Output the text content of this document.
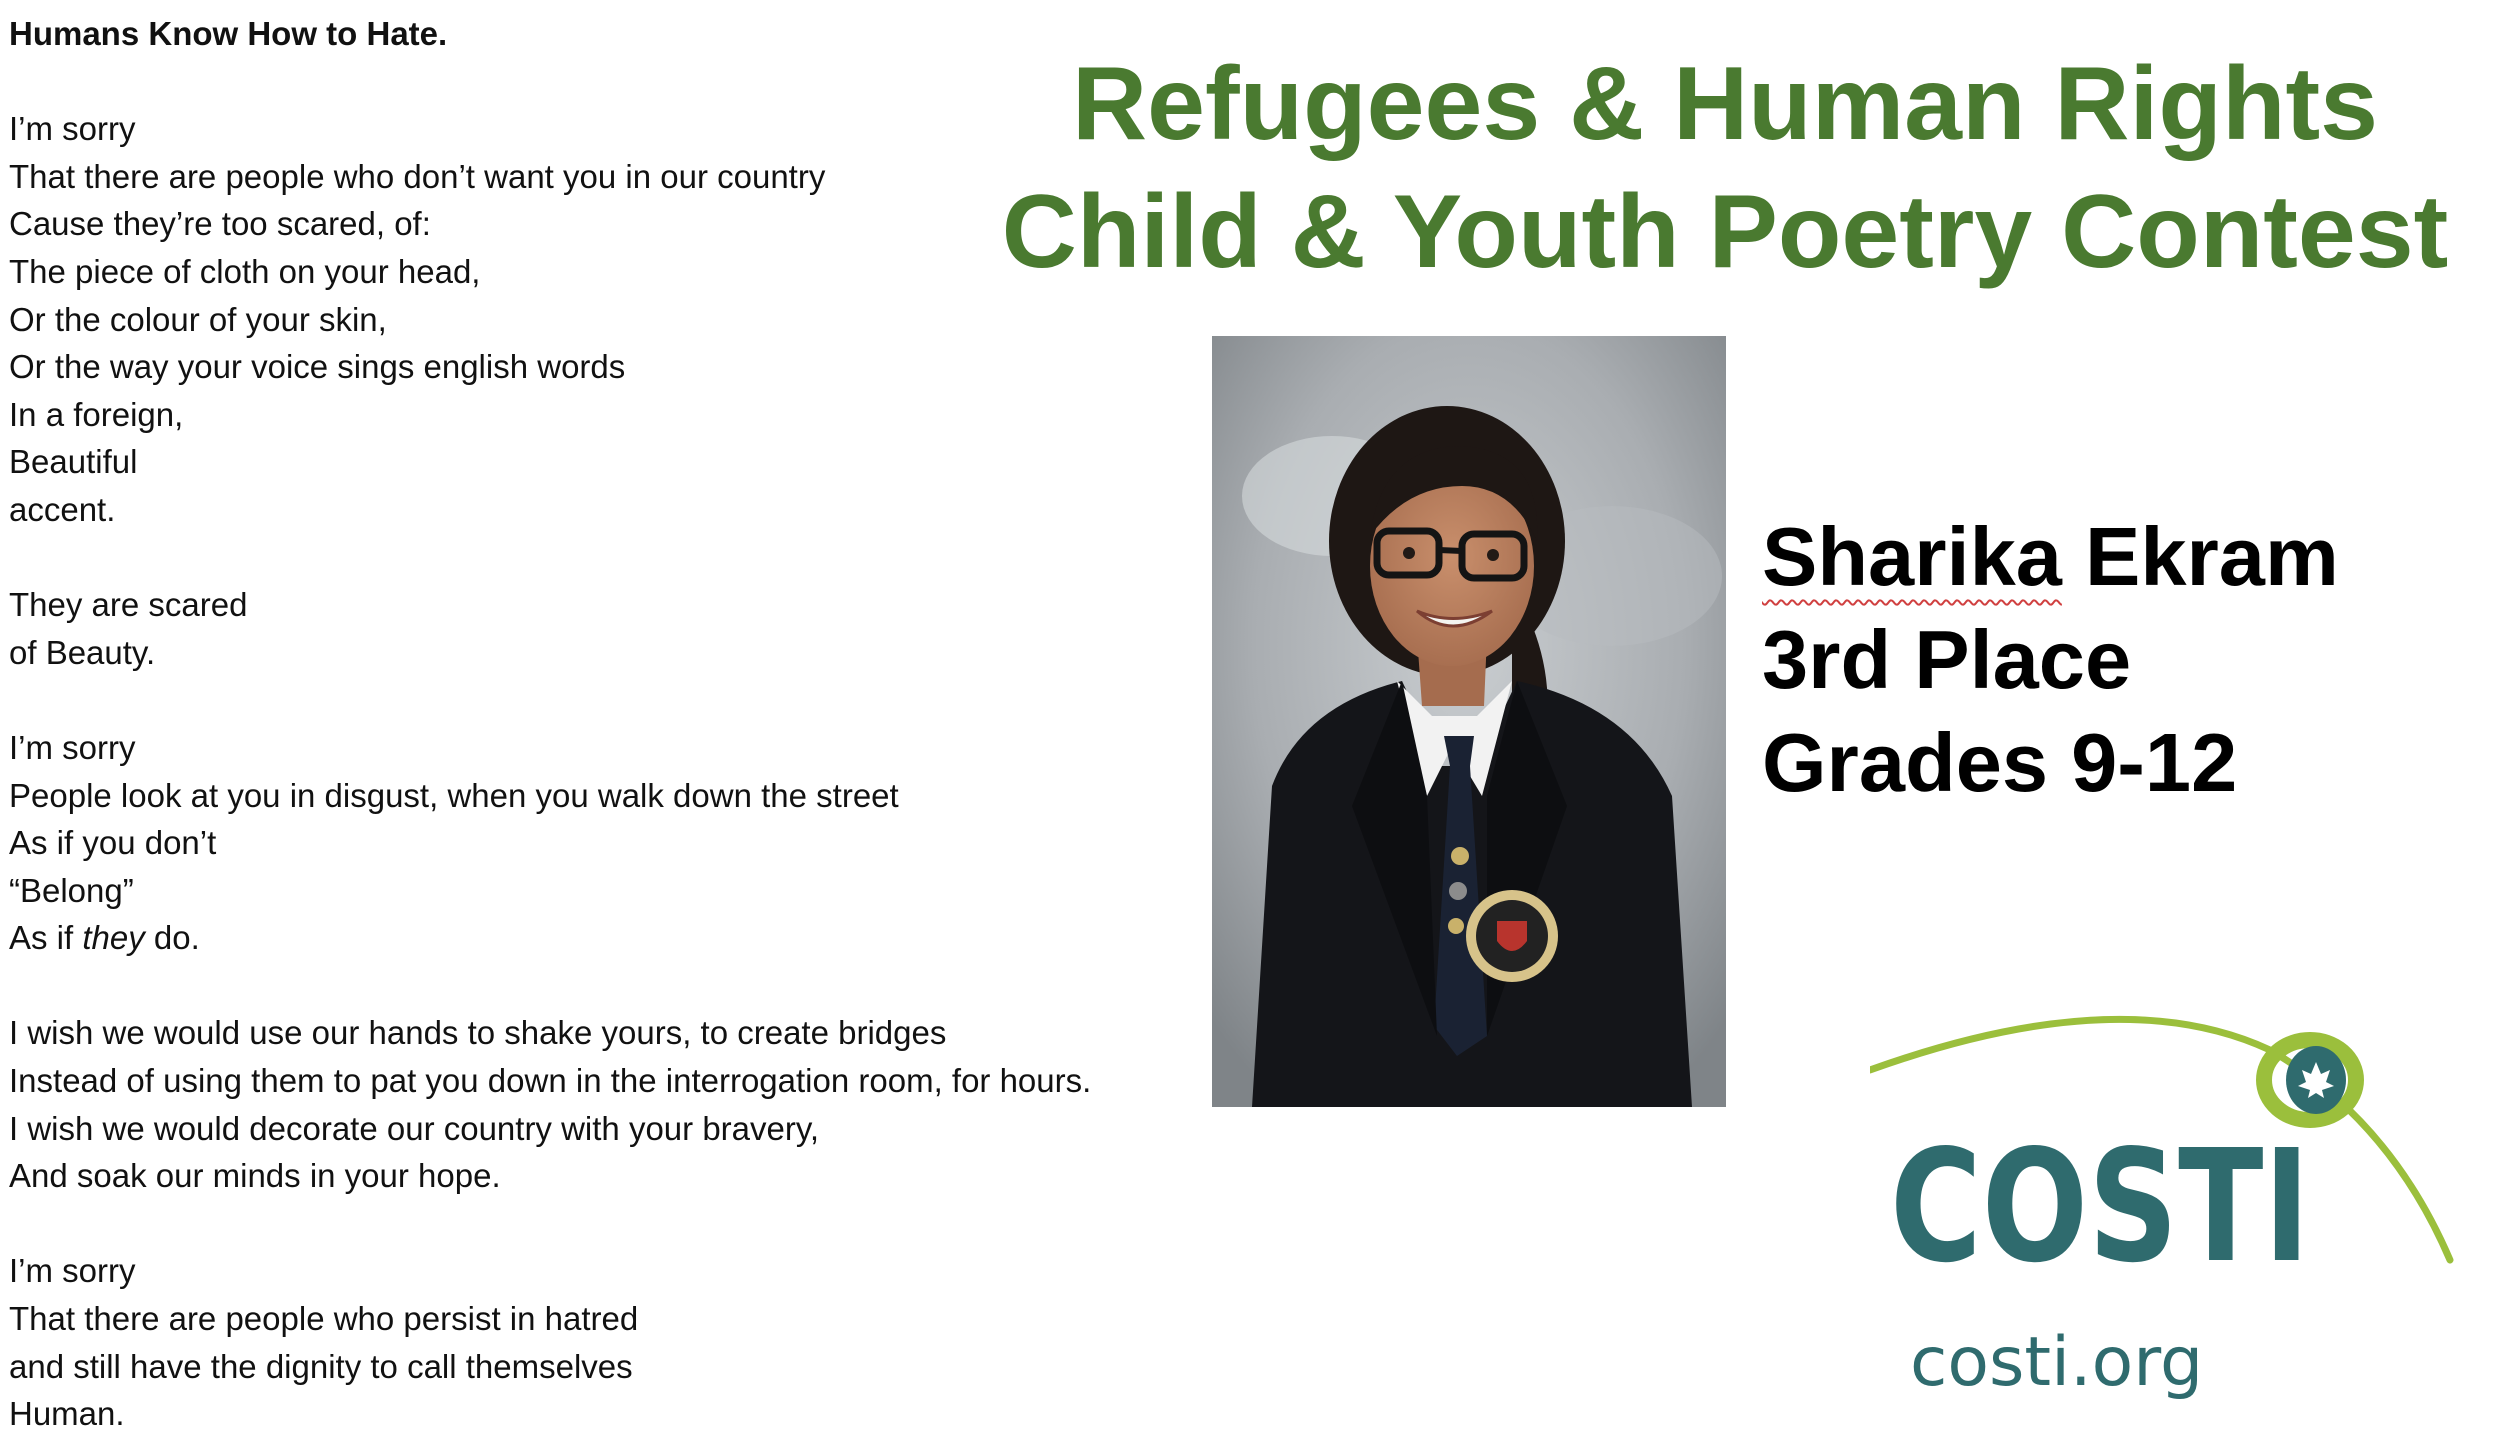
Humans Know How to Hate.
I’m sorry
That there are people who don’t want you in our country
Cause they’re too scared, of:
The piece of cloth on your head,
Or the colour of your skin,
Or the way your voice sings english words
In a foreign,
Beautiful
accent.
They are scared
of Beauty.
I’m sorry
People look at you in disgust, when you walk down the street
As if you don’t
“Belong”
As if they do.
I wish we would use our hands to shake yours, to create bridges
Instead of using them to pat you down in the interrogation room, for hours.
I wish we would decorate our country with your bravery,
And soak our minds in your hope.
I’m sorry
That there are people who persist in hatred
and still have the dignity to call themselves
Human.
Refugees & Human Rights
Child & Youth Poetry Contest
Sharika Ekram
3rd Place
Grades 9-12
COSTI
costi.org
